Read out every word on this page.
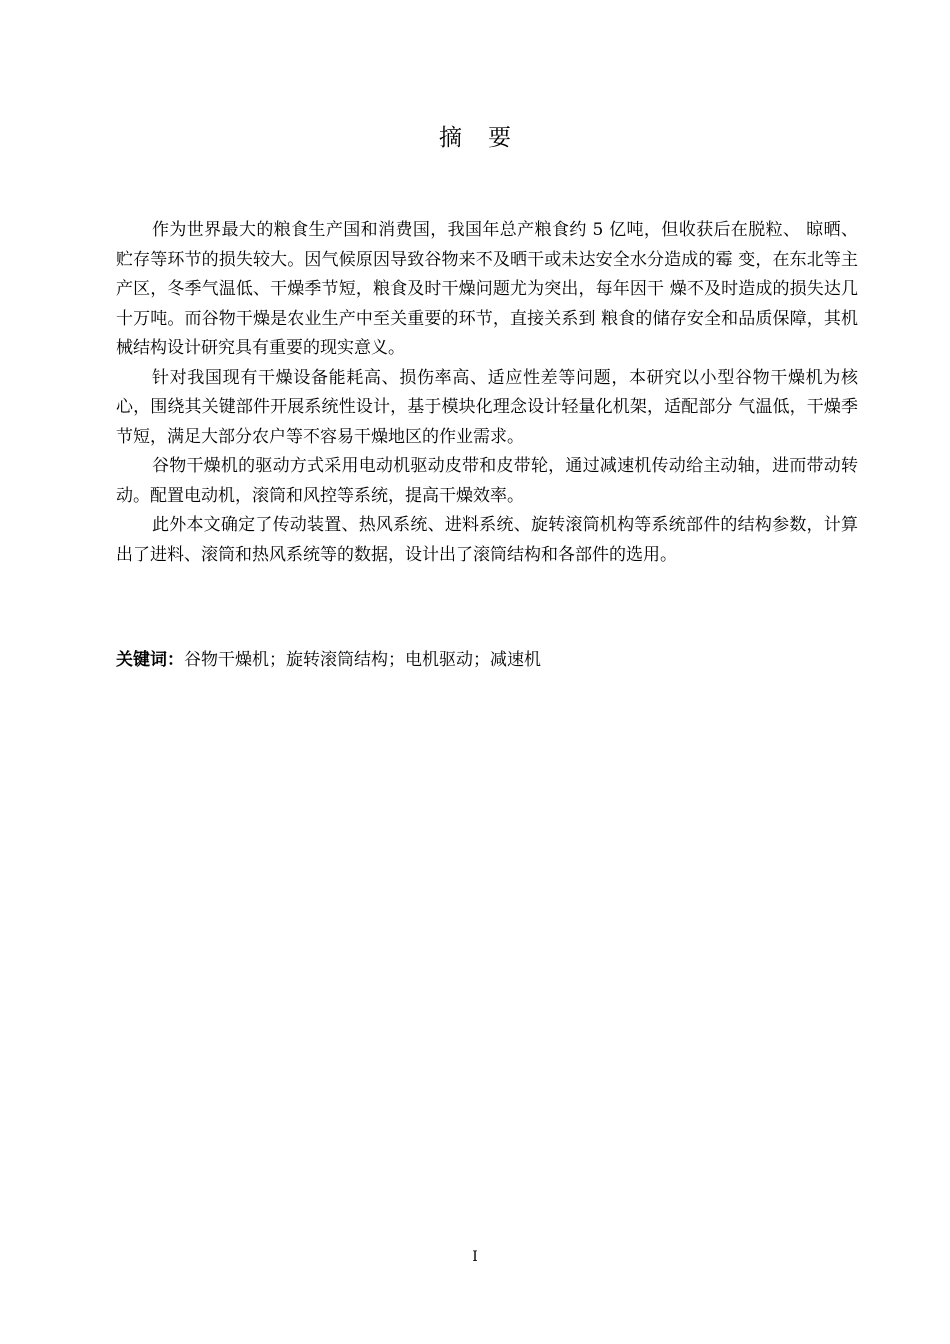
摘要

作为世界最大的粮食生产国和消费国，我国年总产粮食约 5 亿吨，但收获后在脱粒、 晾晒、贮存等环节的损失较大。因气候原因导致谷物来不及晒干或未达安全水分造成的霉 变，在东北等主产区，冬季气温低、干燥季节短，粮食及时干燥问题尤为突出，每年因干 燥不及时造成的损失达几十万吨。而谷物干燥是农业生产中至关重要的环节，直接关系到 粮食的储存安全和品质保障，其机械结构设计研究具有重要的现实意义。

针对我国现有干燥设备能耗高、损伤率高、适应性差等问题，本研究以小型谷物干燥机为核心，围绕其关键部件开展系统性设计，基于模块化理念设计轻量化机架，适配部分 气温低，干燥季节短，满足大部分农户等不容易干燥地区的作业需求。

谷物干燥机的驱动方式采用电动机驱动皮带和皮带轮，通过减速机传动给主动轴，进而带动转动。配置电动机，滚筒和风控等系统，提高干燥效率。

此外本文确定了传动装置、热风系统、进料系统、旋转滚筒机构等系统部件的结构参数，计算出了进料、滚筒和热风系统等的数据，设计出了滚筒结构和各部件的选用。

关键词：谷物干燥机；旋转滚筒结构；电机驱动；减速机
I
